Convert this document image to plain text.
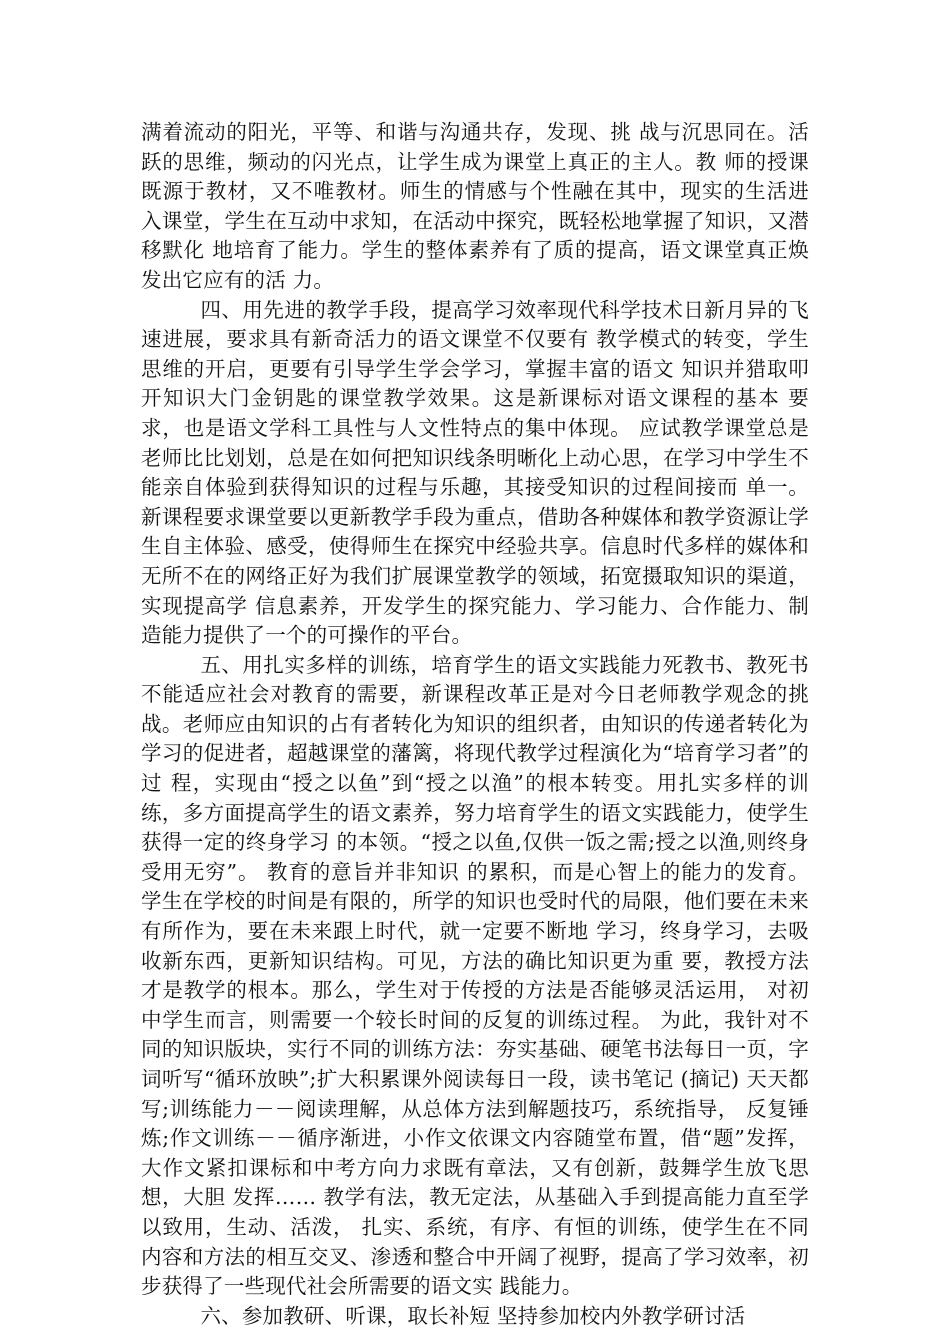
满着流动的阳光，平等、和谐与沟通共存，发现、挑 战与沉思同在。活跃的思维，频动的闪光点，让学生成为课堂上真正的主人。教 师的授课既源于教材，又不唯教材。师生的情感与个性融在其中，现实的生活进 入课堂，学生在互动中求知，在活动中探究，既轻松地掌握了知识，又潜移默化 地培育了能力。学生的整体素养有了质的提高，语文课堂真正焕发出它应有的活 力。

四、用先进的教学手段，提高学习效率现代科学技术日新月异的飞速进展，要求具有新奇活力的语文课堂不仅要有 教学模式的转变，学生思维的开启，更要有引导学生学会学习，掌握丰富的语文 知识并猎取叩开知识大门金钥匙的课堂教学效果。这是新课标对语文课程的基本 要求，也是语文学科工具性与人文性特点的集中体现。 应试教学课堂总是老师比比划划，总是在如何把知识线条明晰化上动心思，在学习中学生不能亲自体验到获得知识的过程与乐趣，其接受知识的过程间接而 单一。新课程要求课堂要以更新教学手段为重点，借助各种媒体和教学资源让学 生自主体验、感受，使得师生在探究中经验共享。信息时代多样的媒体和无所不在的网络正好为我们扩展课堂教学的领域，拓宽摄取知识的渠道，实现提高学 信息素养，开发学生的探究能力、学习能力、合作能力、制造能力提供了一个的可操作的平台。

五、用扎实多样的训练，培育学生的语文实践能力死教书、教死书不能适应社会对教育的需要，新课程改革正是对今日老师教学观念的挑战。老师应由知识的占有者转化为知识的组织者，由知识的传递者转化为学习的促进者，超越课堂的藩篱，将现代教学过程演化为“培育学习者”的过 程，实现由“授之以鱼”到“授之以渔”的根本转变。用扎实多样的训练，多方面提高学生的语文素养，努力培育学生的语文实践能力，使学生获得一定的终身学习 的本领。“授之以鱼,仅供一饭之需;授之以渔,则终身受用无穷”。 教育的意旨并非知识 的累积，而是心智上的能力的发育。 学生在学校的时间是有限的，所学的知识也受时代的局限，他们要在未来有所作为，要在未来跟上时代，就一定要不断地 学习，终身学习，去吸收新东西，更新知识结构。可见，方法的确比知识更为重 要，教授方法才是教学的根本。那么，学生对于传授的方法是否能够灵活运用， 对初中学生而言，则需要一个较长时间的反复的训练过程。 为此，我针对不同的知识版块，实行不同的训练方法：夯实基础、硬笔书法每日一页，字词听写“循环放映”;扩大积累课外阅读每日一段，读书笔记 (摘记) 天天都写;训练能力－－阅读理解，从总体方法到解题技巧，系统指导， 反复锤炼;作文训练－－循序渐进，小作文依课文内容随堂布置，借“题”发挥， 大作文紧扣课标和中考方向力求既有章法，又有创新，鼓舞学生放飞思想，大胆 发挥…… 教学有法，教无定法，从基础入手到提高能力直至学以致用，生动、活泼， 扎实、系统，有序、有恒的训练，使学生在不同内容和方法的相互交叉、渗透和整合中开阔了视野，提高了学习效率，初步获得了一些现代社会所需要的语文实 践能力。

六、参加教研、听课，取长补短 坚持参加校内外教学研讨活
